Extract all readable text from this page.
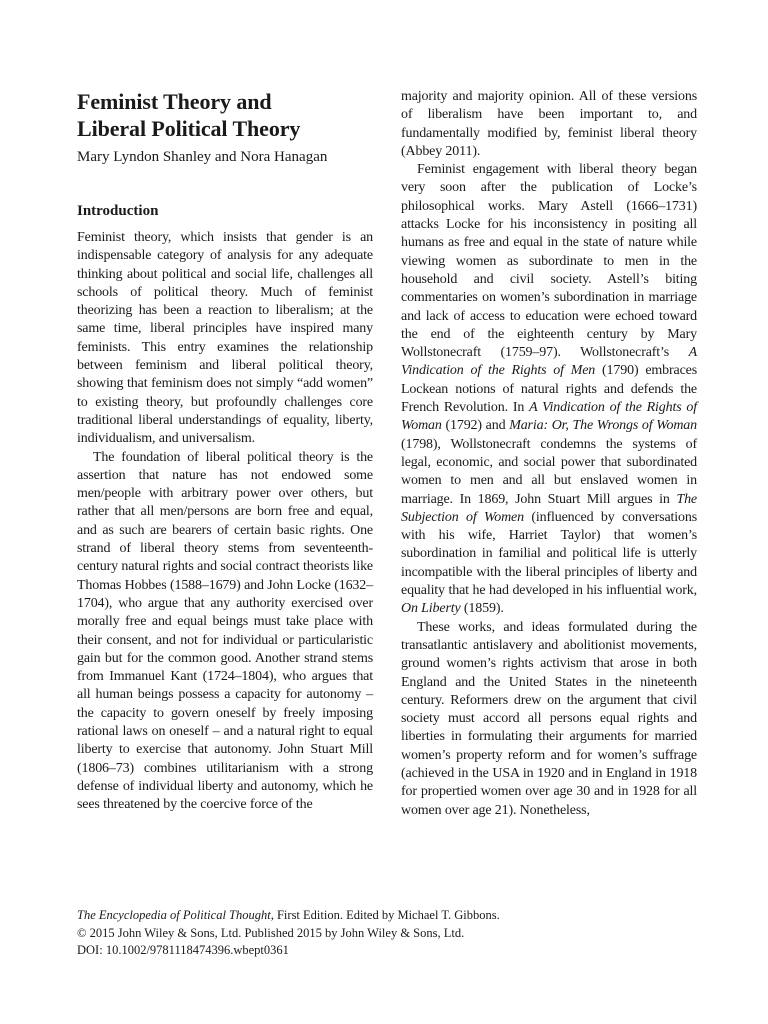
Feminist Theory and
Liberal Political Theory
Mary Lyndon Shanley and Nora Hanagan
Introduction

Feminist theory, which insists that gender is an indispensable category of analysis for any adequate thinking about political and social life, challenges all schools of political theory. Much of feminist theorizing has been a reaction to liberalism; at the same time, liberal principles have inspired many feminists. This entry examines the relationship between feminism and liberal political theory, showing that feminism does not simply “add women” to existing theory, but profoundly challenges core traditional liberal understandings of equality, liberty, individualism, and universalism.

The foundation of liberal political theory is the assertion that nature has not endowed some men/people with arbitrary power over others, but rather that all men/persons are born free and equal, and as such are bearers of certain basic rights. One strand of liberal theory stems from seventeenth-century natural rights and social contract theorists like Thomas Hobbes (1588–1679) and John Locke (1632–1704), who argue that any authority exercised over morally free and equal beings must take place with their consent, and not for individual or particularistic gain but for the common good. Another strand stems from Immanuel Kant (1724–1804), who argues that all human beings possess a capacity for autonomy – the capacity to govern oneself by freely imposing rational laws on oneself – and a natural right to equal liberty to exercise that autonomy. John Stuart Mill (1806–73) combines utilitarianism with a strong defense of individual liberty and autonomy, which he sees threatened by the coercive force of the

majority and majority opinion. All of these versions of liberalism have been important to, and fundamentally modified by, feminist liberal theory (Abbey 2011).

Feminist engagement with liberal theory began very soon after the publication of Locke’s philosophical works. Mary Astell (1666–1731) attacks Locke for his inconsistency in positing all humans as free and equal in the state of nature while viewing women as subordinate to men in the household and civil society. Astell’s biting commentaries on women’s subordination in marriage and lack of access to education were echoed toward the end of the eighteenth century by Mary Wollstonecraft (1759–97). Wollstonecraft’s A Vindication of the Rights of Men (1790) embraces Lockean notions of natural rights and defends the French Revolution. In A Vindication of the Rights of Woman (1792) and Maria: Or, The Wrongs of Woman (1798), Wollstonecraft condemns the systems of legal, economic, and social power that subordinated women to men and all but enslaved women in marriage. In 1869, John Stuart Mill argues in The Subjection of Women (influenced by conversations with his wife, Harriet Taylor) that women’s subordination in familial and political life is utterly incompatible with the liberal principles of liberty and equality that he had developed in his influential work, On Liberty (1859).

These works, and ideas formulated during the transatlantic antislavery and abolitionist movements, ground women’s rights activism that arose in both England and the United States in the nineteenth century. Reformers drew on the argument that civil society must accord all persons equal rights and liberties in formulating their arguments for married women’s property reform and for women’s suffrage (achieved in the USA in 1920 and in England in 1918 for propertied women over age 30 and in 1928 for all women over age 21). Nonetheless,

The Encyclopedia of Political Thought, First Edition. Edited by Michael T. Gibbons.
© 2015 John Wiley & Sons, Ltd. Published 2015 by John Wiley & Sons, Ltd.
DOI: 10.1002/9781118474396.wbept0361
